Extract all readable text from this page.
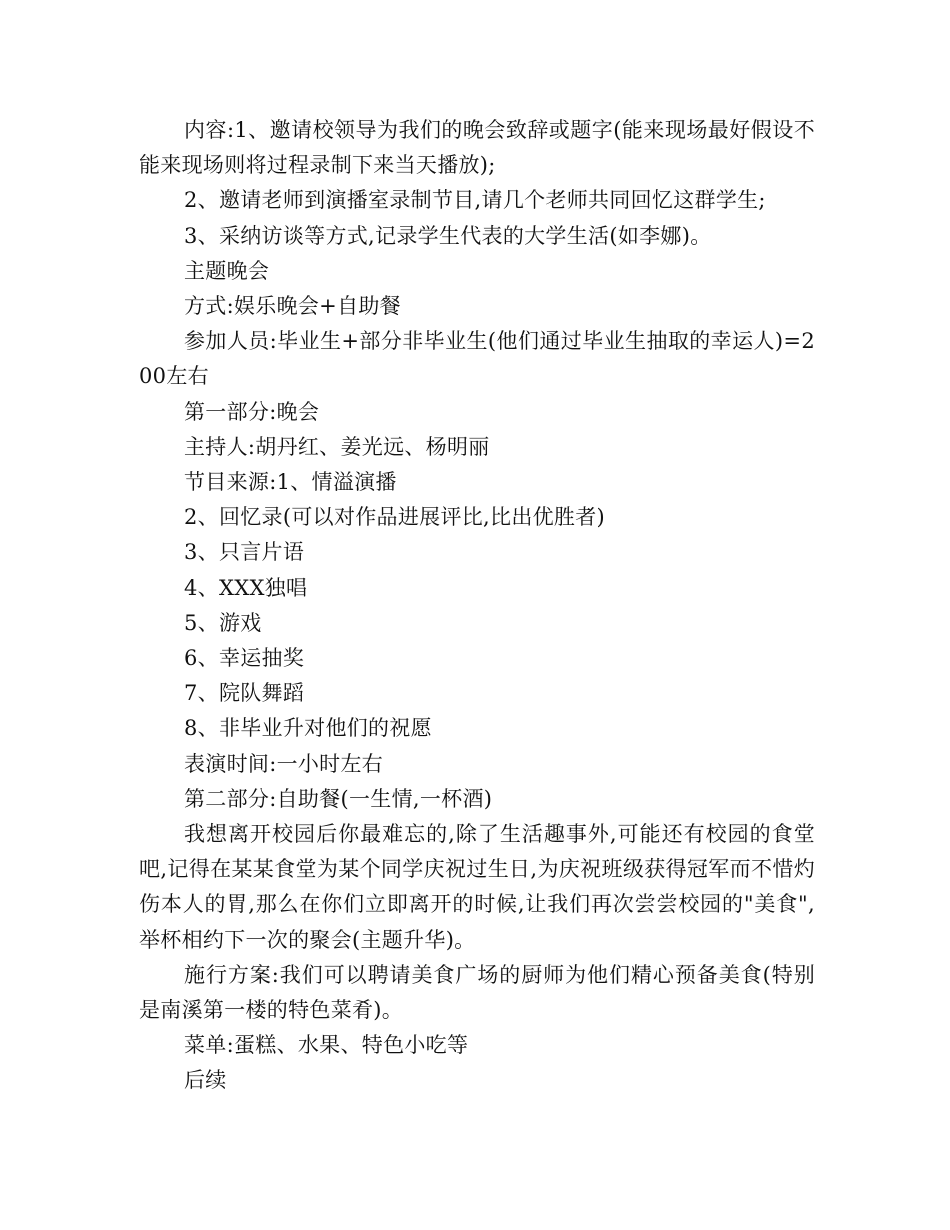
内容:1、邀请校领导为我们的晚会致辞或题字(能来现场最好假设不能来现场则将过程录制下来当天播放);

2、邀请老师到演播室录制节目,请几个老师共同回忆这群学生;

3、采纳访谈等方式,记录学生代表的大学生活(如李娜)。

主题晚会

方式:娱乐晚会+自助餐

参加人员:毕业生+部分非毕业生(他们通过毕业生抽取的幸运人)=200左右

第一部分:晚会

主持人:胡丹红、姜光远、杨明丽

节目来源:1、情溢演播

2、回忆录(可以对作品进展评比,比出优胜者)

3、只言片语

4、XXX独唱

5、游戏

6、幸运抽奖

7、院队舞蹈

8、非毕业升对他们的祝愿

表演时间:一小时左右

第二部分:自助餐(一生情,一杯酒)

我想离开校园后你最难忘的,除了生活趣事外,可能还有校园的食堂吧,记得在某某食堂为某个同学庆祝过生日,为庆祝班级获得冠军而不惜灼伤本人的胃,那么在你们立即离开的时候,让我们再次尝尝校园的"美食",举杯相约下一次的聚会(主题升华)。

施行方案:我们可以聘请美食广场的厨师为他们精心预备美食(特别是南溪第一楼的特色菜肴)。

菜单:蛋糕、水果、特色小吃等

后续
